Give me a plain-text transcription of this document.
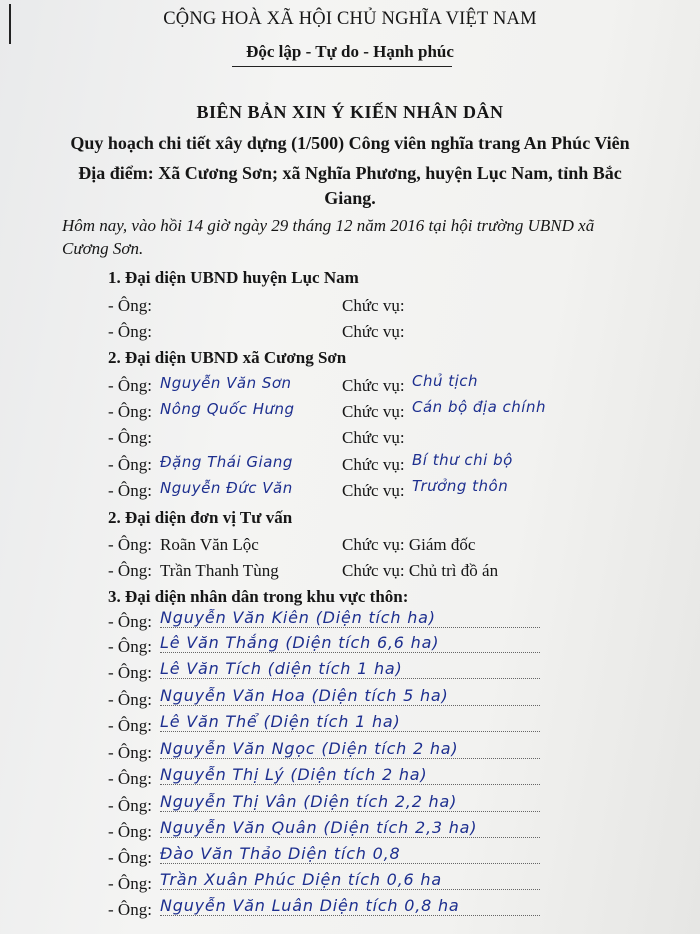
CỘNG HOÀ XÃ HỘI CHỦ NGHĨA VIỆT NAM
Độc lập - Tự do - Hạnh phúc
BIÊN BẢN XIN Ý KIẾN NHÂN DÂN
Quy hoạch chi tiết xây dựng (1/500) Công viên nghĩa trang An Phúc Viên
Địa điểm: Xã Cương Sơn; xã Nghĩa Phương, huyện Lục Nam, tỉnh Bắc
Giang.
Hôm nay, vào hồi 14 giờ ngày 29 tháng 12 năm 2016 tại hội trường UBND xã
Cương Sơn.
1. Đại diện UBND huyện Lục Nam
- Ông:	Chức vụ:
- Ông:	Chức vụ:
2. Đại diện UBND xã Cương Sơn
- Ông: Nguyễn Văn Sơn	Chức vụ: Chủ tịch
- Ông: Nông Quốc Hưng	Chức vụ: Cán bộ địa chính
- Ông:	Chức vụ:
- Ông: Đặng Thái Giang	Chức vụ: Bí thư chi bộ
- Ông: Nguyễn Đức Văn	Chức vụ: Trưởng thôn
2. Đại diện đơn vị Tư vấn
- Ông: Roãn Văn Lộc	Chức vụ: Giám đốc
- Ông: Trần Thanh Tùng	Chức vụ: Chủ trì đồ án
3. Đại diện nhân dân trong khu vực thôn:
- Ông: Nguyễn Văn Kiên (Diện tích ha)
- Ông: Lê Văn Thắng (Diện tích 6,6 ha)
- Ông: Lê Văn Tích (diện tích 1 ha)
- Ông: Nguyễn Văn Hoa (Diện tích 5 ha)
- Ông: Lê Văn Thể (Diện tích 1 ha)
- Ông: Nguyễn Văn Ngọc (Diện tích 2 ha)
- Ông: Nguyễn Thị Lý (Diện tích 2 ha)
- Ông: Nguyễn Thị Vân (Diện tích 2,2 ha)
- Ông: Nguyễn Văn Quân (Diện tích 2,3 ha)
- Ông: Đào Văn Thảo Diện tích 0,8
- Ông: Trần Xuân Phúc Diện tích 0,6 ha
- Ông: Nguyễn Văn Luân Diện tích 0,8 ha
